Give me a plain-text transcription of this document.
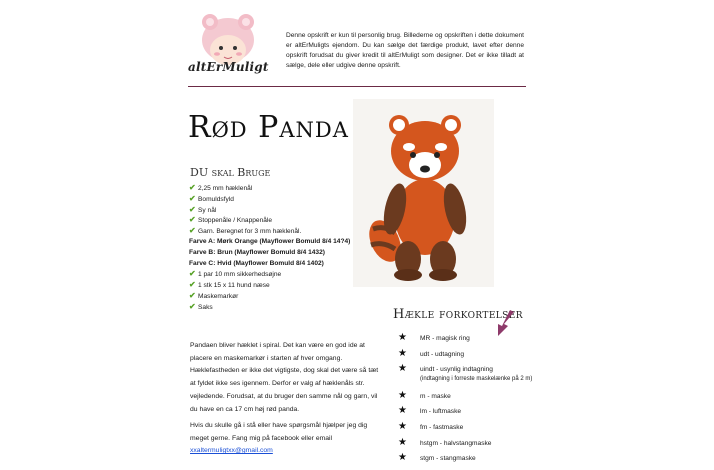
altErMuligt

Denne opskrift er kun til personlig brug. Billederne og opskriften i dette dokument er altErMuligts ejendom. Du kan sælge det færdige produkt, lavet efter denne opskrift forudsat du giver kredit til altErMuligt som designer. Det er ikke tilladt at sælge, dele eller udgive denne opskrift.

Rød Panda
DU skal Bruge
✔ 2,25 mm hæklenål
✔ Bomuldsfyld
✔ Sy nål
✔ Stoppenåle / Knappenåle
✔ Garn. Beregnet for 3 mm hæklenål.
Farve A: Mørk Orange (Mayflower Bomuld 8/4 14?4)
Farve B: Brun (Mayflower Bomuld 8/4 1432)
Farve C: Hvid (Mayflower Bomuld 8/4 1402)
✔ 1 par 10 mm sikkerhedsøjne
✔ 1 stk 15 x 11 hund næse
✔ Maskemarkør
✔ Saks

Pandaen bliver hæklet i spiral. Det kan være en god ide at placere en maskemarkør i starten af hver omgang. Hæklefastheden er ikke det vigtigste, dog skal det være så tæt at fyldet ikke ses igennem. Derfor er valg af hæklenåls str. vejledende. Forudsat, at du bruger den samme nål og garn, vil du have en ca 17 cm høj rød panda.

Hvis du skulle gå i stå eller have spørgsmål hjælper jeg dig meget gerne. Fang mig på facebook eller email
xxaltermuligtxx@gmail.com

Hækle forkortelser
★ MR - magisk ring
★ udt - udtagning
★ uindt - usynlig indtagning
(indtagning i forreste maskelænke på 2 m)
★ m - maske
★ lm - luftmaske
★ fm - fastmaske
★ hstgm - halvstangmaske
★ stgm - stangmaske
